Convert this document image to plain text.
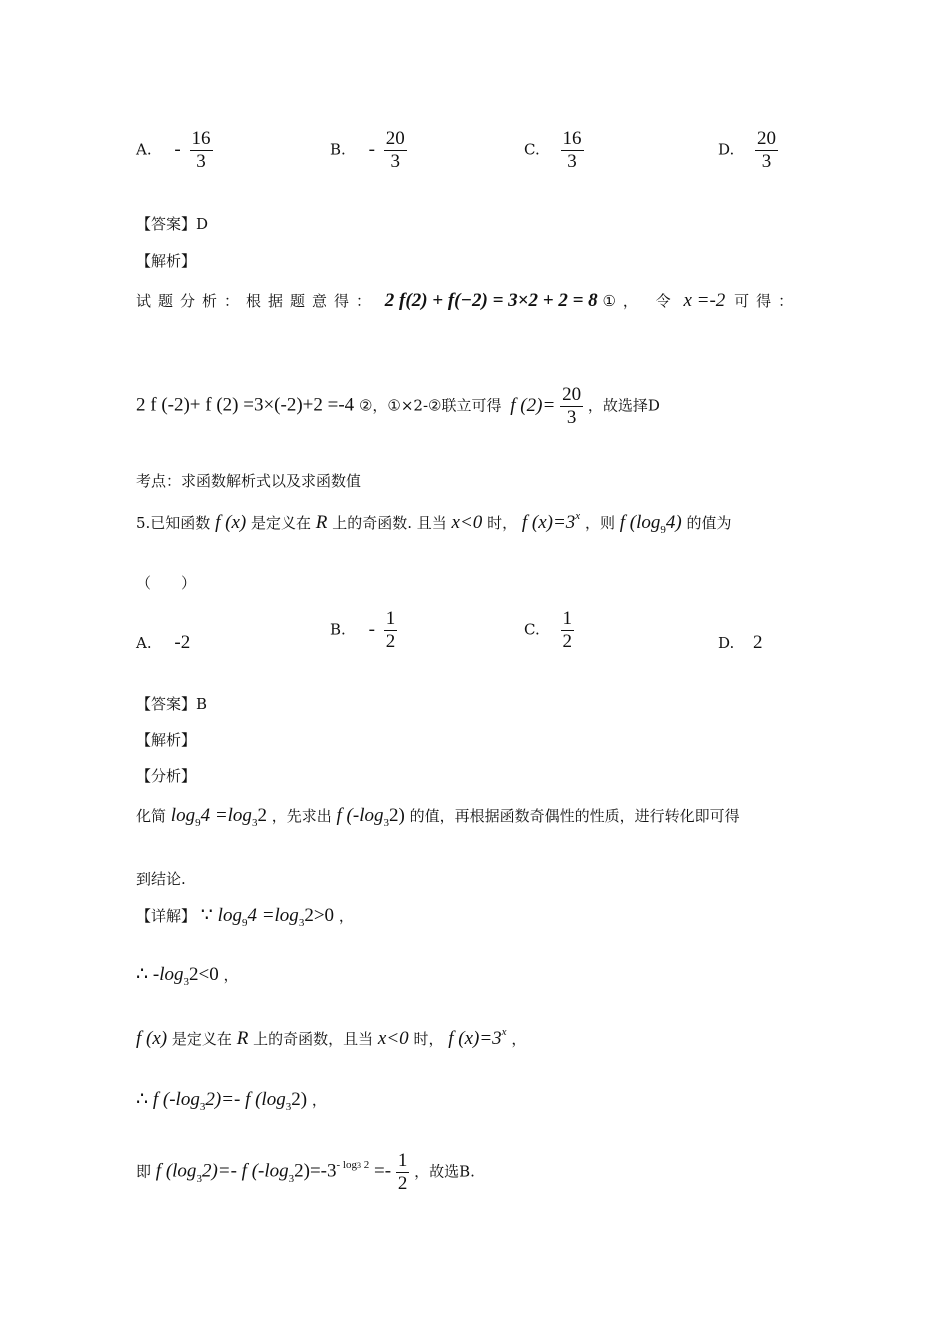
A. - $\frac{16}{3}$	B. - $\frac{20}{3}$	C. $\frac{16}{3}$	D. $\frac{20}{3}$
【答案】D
【解析】
试题分析：根据题意得： 2 f(2) + f(−2) = 3×2 + 2 = 8 ①， 令 x =-2 可得：
2 f (-2)+ f (2) =3×(-2)+2 =-4 ②，①×2-②联立可得 f $(2)= \frac{20}{3}$ ，故选择D
考点：求函数解析式以及求函数值
5.已知函数 f (x) 是定义在 R 上的奇函数. 且当 x<0 时， f $(x)=3^x$ ，则 f $(\log_94)$ 的值为
（　　）
A. -2
B. - $\frac{1}{2}$	C. $\frac{1}{2}$	D. 2
【答案】B
【解析】
【分析】
化简 $\log_94 =\log_32$ ，先求出 f $(-\log_32)$ 的值，再根据函数奇偶性的性质，进行转化即可得
到结论.
【详解】 ∵ $\log_94 =\log_32>0$ ，
∴ $-\log_32<0$ ，
f (x) 是定义在 R 上的奇函数，且当 x<0 时， f $(x)=3^x$ ，
∴ f $(-\log_32)=-$ f $(\log_32)$ ，
即 f $(\log_32)=-$ f $(-\log_32)=-3^{- log3 2} =- \frac{1}{2}$ ，故选B.
